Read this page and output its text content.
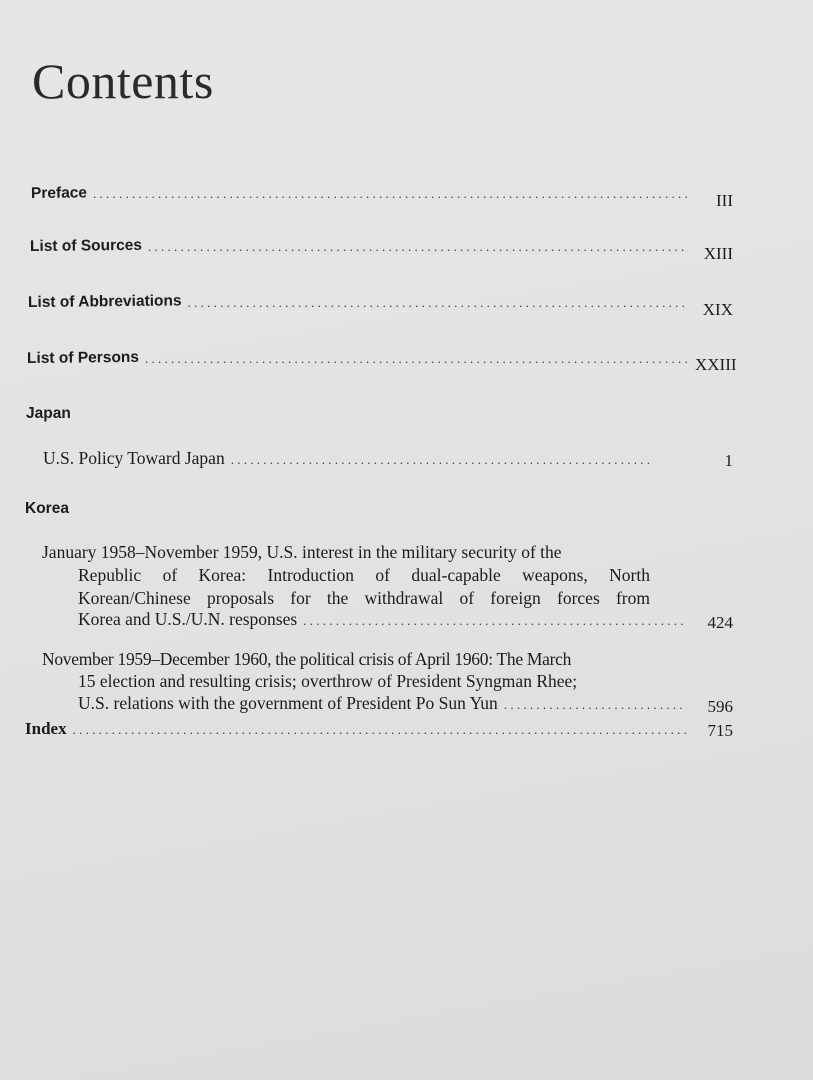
Contents
Preface . . .	III
List of Sources . . .	XIII
List of Abbreviations . . .	XIX
List of Persons . . .	XXIII
Japan
U.S. Policy Toward Japan . . .	1
Korea
January 1958–November 1959, U.S. interest in the military security of the
Republic of Korea: Introduction of dual-capable weapons, North
Korean/Chinese proposals for the withdrawal of foreign forces from
Korea and U.S./U.N. responses . . .	424
November 1959–December 1960, the political crisis of April 1960: The March
15 election and resulting crisis; overthrow of President Syngman Rhee;
U.S. relations with the government of President Po Sun Yun . . .	596
Index . . .	715
